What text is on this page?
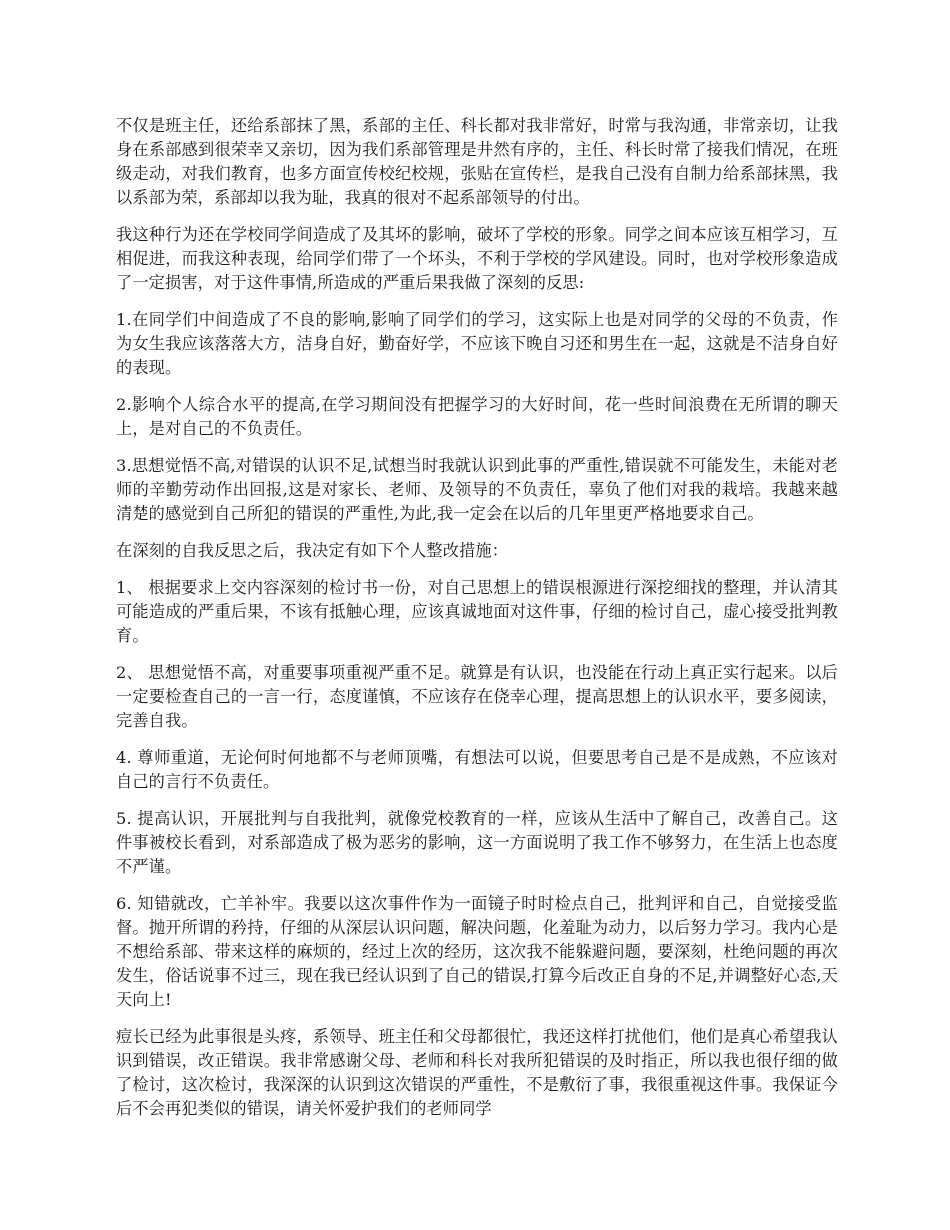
不仅是班主任，还给系部抹了黑，系部的主任、科长都对我非常好，时常与我沟通，非常亲切，让我身在系部感到很荣幸又亲切，因为我们系部管理是井然有序的，主任、科长时常了接我们情况，在班级走动，对我们教育，也多方面宣传校纪校规，张贴在宣传栏，是我自己没有自制力给系部抹黑，我以系部为荣，系部却以我为耻，我真的很对不起系部领导的付出。

我这种行为还在学校同学间造成了及其坏的影响，破坏了学校的形象。同学之间本应该互相学习，互相促进，而我这种表现，给同学们带了一个坏头，不利于学校的学风建设。同时，也对学校形象造成了一定损害，对于这件事情,所造成的严重后果我做了深刻的反思:

1.在同学们中间造成了不良的影响,影响了同学们的学习，这实际上也是对同学的父母的不负责，作为女生我应该落落大方，洁身自好，勤奋好学，不应该下晚自习还和男生在一起，这就是不洁身自好的表现。

2.影响个人综合水平的提高,在学习期间没有把握学习的大好时间，花一些时间浪费在无所谓的聊天上，是对自己的不负责任。

3.思想觉悟不高,对错误的认识不足,试想当时我就认识到此事的严重性,错误就不可能发生，未能对老师的辛勤劳动作出回报,这是对家长、老师、及领导的不负责任，辜负了他们对我的栽培。我越来越清楚的感觉到自己所犯的错误的严重性,为此,我一定会在以后的几年里更严格地要求自己。

在深刻的自我反思之后，我决定有如下个人整改措施：

1、 根据要求上交内容深刻的检讨书一份，对自己思想上的错误根源进行深挖细找的整理，并认清其可能造成的严重后果，不该有抵触心理，应该真诚地面对这件事，仔细的检讨自己，虚心接受批判教育。

2、 思想觉悟不高，对重要事项重视严重不足。就算是有认识，也没能在行动上真正实行起来。以后一定要检查自己的一言一行，态度谨慎，不应该存在侥幸心理，提高思想上的认识水平，要多阅读，完善自我。

4. 尊师重道，无论何时何地都不与老师顶嘴，有想法可以说，但要思考自己是不是成熟，不应该对自己的言行不负责任。

5. 提高认识，开展批判与自我批判，就像党校教育的一样，应该从生活中了解自己，改善自己。这件事被校长看到，对系部造成了极为恶劣的影响，这一方面说明了我工作不够努力，在生活上也态度不严谨。

6. 知错就改，亡羊补牢。我要以这次事件作为一面镜子时时检点自己，批判评和自己，自觉接受监督。抛开所谓的矜持，仔细的从深层认识问题，解决问题，化羞耻为动力，以后努力学习。我内心是不想给系部、带来这样的麻烦的，经过上次的经历，这次我不能躲避问题，要深刻，杜绝问题的再次发生，俗话说事不过三，现在我已经认识到了自己的错误,打算今后改正自身的不足,并调整好心态,天天向上!

痘长已经为此事很是头疼，系领导、班主任和父母都很忙，我还这样打扰他们，他们是真心希望我认识到错误，改正错误。我非常感谢父母、老师和科长对我所犯错误的及时指正，所以我也很仔细的做了检讨，这次检讨，我深深的认识到这次错误的严重性，不是敷衍了事，我很重视这件事。我保证今后不会再犯类似的错误，请关怀爱护我们的老师同学
